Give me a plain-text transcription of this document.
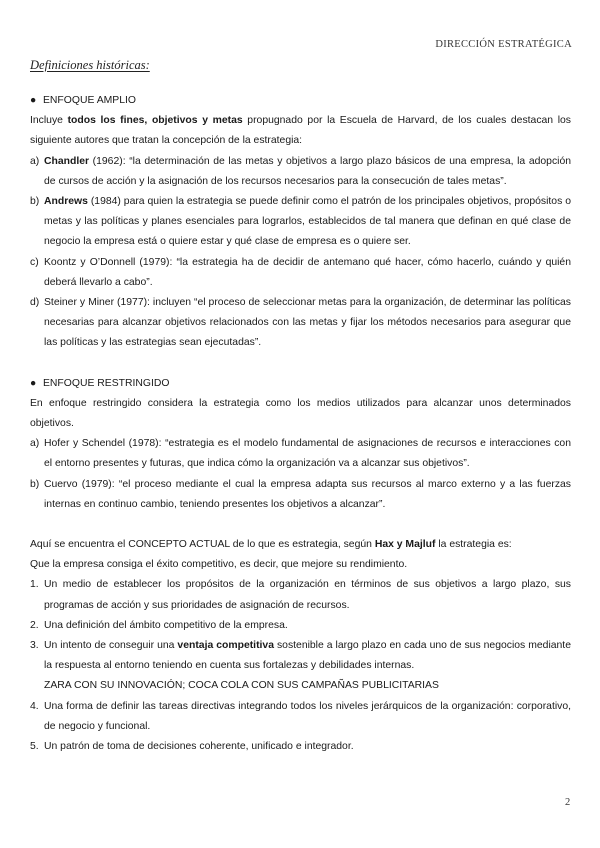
DIRECCIÓN ESTRATÉGICA
Definiciones históricas:
● ENFOQUE AMPLIO
Incluye todos los fines, objetivos y metas propugnado por la Escuela de Harvard, de los cuales destacan los siguiente autores que tratan la concepción de la estrategia:
a) Chandler (1962): “la determinación de las metas y objetivos a largo plazo básicos de una empresa, la adopción de cursos de acción y la asignación de los recursos necesarios para la consecución de tales metas”.
b) Andrews (1984) para quien la estrategia se puede definir como el patrón de los principales objetivos, propósitos o metas y las políticas y planes esenciales para lograrlos, establecidos de tal manera que definan en qué clase de negocio la empresa está o quiere estar y qué clase de empresa es o quiere ser.
c) Koontz y O’Donnell (1979): “la estrategia ha de decidir de antemano qué hacer, cómo hacerlo, cuándo y quién deberá llevarlo a cabo”.
d) Steiner y Miner (1977): incluyen “el proceso de seleccionar metas para la organización, de determinar las políticas necesarias para alcanzar objetivos relacionados con las metas y fijar los métodos necesarios para asegurar que las políticas y las estrategias sean ejecutadas”.
● ENFOQUE RESTRINGIDO
En enfoque restringido considera la estrategia como los medios utilizados para alcanzar unos determinados objetivos.
a) Hofer y Schendel (1978): “estrategia es el modelo fundamental de asignaciones de recursos e interacciones con el entorno presentes y futuras, que indica cómo la organización va a alcanzar sus objetivos”.
b) Cuervo (1979): “el proceso mediante el cual la empresa adapta sus recursos al marco externo y a las fuerzas internas en continuo cambio, teniendo presentes los objetivos a alcanzar”.
Aquí se encuentra el CONCEPTO ACTUAL de lo que es estrategia, según Hax y Majluf la estrategia es:
Que la empresa consiga el éxito competitivo, es decir, que mejore su rendimiento.
1. Un medio de establecer los propósitos de la organización en términos de sus objetivos a largo plazo, sus programas de acción y sus prioridades de asignación de recursos.
2. Una definición del ámbito competitivo de la empresa.
3. Un intento de conseguir una ventaja competitiva sostenible a largo plazo en cada uno de sus negocios mediante la respuesta al entorno teniendo en cuenta sus fortalezas y debilidades internas.
ZARA CON SU INNOVACIÓN; COCA COLA CON SUS CAMPAÑAS PUBLICITARIAS
4. Una forma de definir las tareas directivas integrando todos los niveles jerárquicos de la organización: corporativo, de negocio y funcional.
5. Un patrón de toma de decisiones coherente, unificado e integrador.
2
